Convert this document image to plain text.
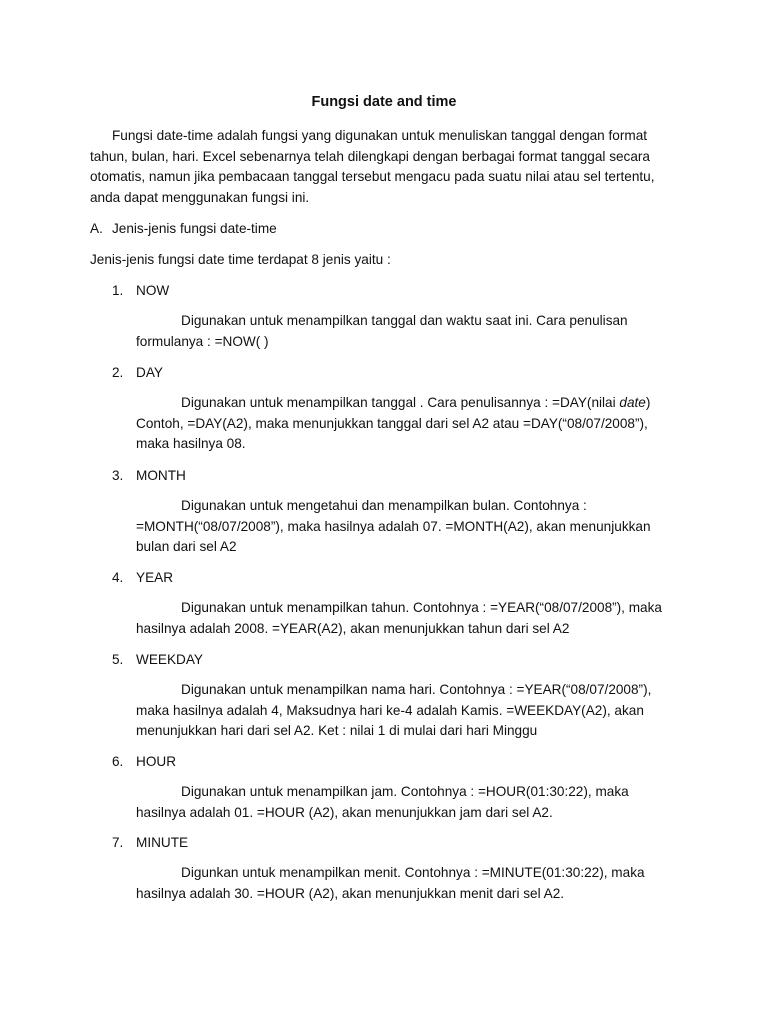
Fungsi date and time

Fungsi date-time adalah fungsi yang digunakan untuk menuliskan tanggal dengan format tahun, bulan, hari. Excel sebenarnya telah dilengkapi dengan berbagai format tanggal secara otomatis, namun jika pembacaan tanggal tersebut mengacu pada suatu nilai atau sel tertentu, anda dapat menggunakan fungsi ini.

A. Jenis-jenis fungsi date-time

Jenis-jenis fungsi date time terdapat 8 jenis yaitu :

1. NOW

Digunakan untuk menampilkan tanggal dan waktu saat ini. Cara penulisan formulanya : =NOW( )

2. DAY

Digunakan untuk menampilkan tanggal . Cara penulisannya : =DAY(nilai date) Contoh, =DAY(A2), maka menunjukkan tanggal dari sel A2 atau =DAY(“08/07/2008”), maka hasilnya 08.

3. MONTH

Digunakan untuk mengetahui dan menampilkan bulan. Contohnya : =MONTH(“08/07/2008”), maka hasilnya adalah 07. =MONTH(A2), akan menunjukkan bulan dari sel A2

4. YEAR

Digunakan untuk menampilkan tahun. Contohnya : =YEAR(“08/07/2008”), maka hasilnya adalah 2008. =YEAR(A2), akan menunjukkan tahun dari sel A2

5. WEEKDAY

Digunakan untuk menampilkan nama hari. Contohnya : =YEAR(“08/07/2008”), maka hasilnya adalah 4, Maksudnya hari ke-4 adalah Kamis. =WEEKDAY(A2), akan menunjukkan hari dari sel A2. Ket : nilai 1 di mulai dari hari Minggu

6. HOUR

Digunakan untuk menampilkan jam. Contohnya : =HOUR(01:30:22), maka hasilnya adalah 01. =HOUR (A2), akan menunjukkan jam dari sel A2.

7. MINUTE

Digunkan untuk menampilkan menit. Contohnya : =MINUTE(01:30:22), maka hasilnya adalah 30. =HOUR (A2), akan menunjukkan menit dari sel A2.
